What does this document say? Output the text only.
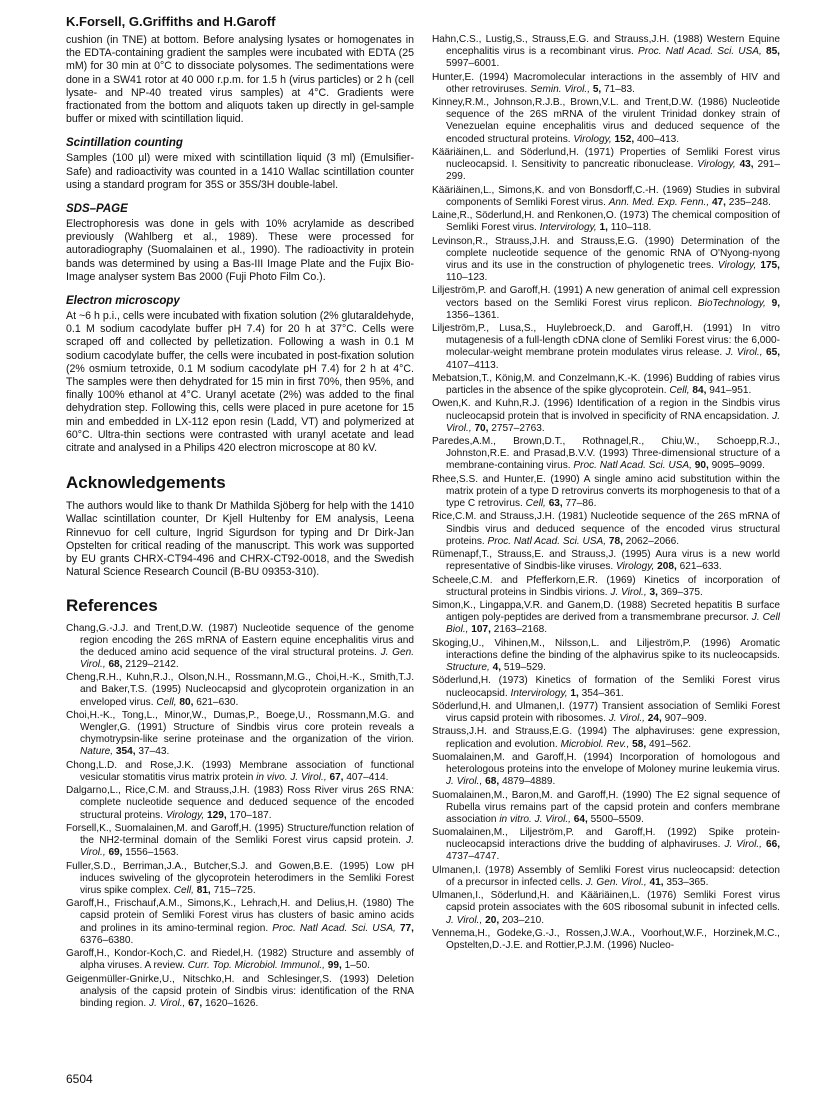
K.Forsell, G.Griffiths and H.Garoff

cushion (in TNE) at bottom. Before analysing lysates or homogenates in the EDTA-containing gradient the samples were incubated with EDTA (25 mM) for 30 min at 0°C to dissociate polysomes. The sedimentations were done in a SW41 rotor at 40 000 r.p.m. for 1.5 h (virus particles) or 2 h (cell lysate- and NP-40 treated virus samples) at 4°C. Gradients were fractionated from the bottom and aliquots taken up directly in gel-sample buffer or mixed with scintillation liquid.

Scintillation counting

Samples (100 µl) were mixed with scintillation liquid (3 ml) (Emulsifier-Safe) and radioactivity was counted in a 1410 Wallac scintillation counter using a standard program for 35S or 35S/3H double-label.

SDS–PAGE

Electrophoresis was done in gels with 10% acrylamide as described previously (Wahlberg et al., 1989). These were processed for autoradiography (Suomalainen et al., 1990). The radioactivity in protein bands was determined by using a Bas-III Image Plate and the Fujix Bio-Image analyser system Bas 2000 (Fuji Photo Film Co.).

Electron microscopy

At ~6 h p.i., cells were incubated with fixation solution (2% glutaraldehyde, 0.1 M sodium cacodylate buffer pH 7.4) for 20 h at 37°C. Cells were scraped off and collected by pelletization. Following a wash in 0.1 M sodium cacodylate buffer, the cells were incubated in post-fixation solution (2% osmium tetroxide, 0.1 M sodium cacodylate pH 7.4) for 2 h at 4°C. The samples were then dehydrated for 15 min in first 70%, then 95%, and finally 100% ethanol at 4°C. Uranyl acetate (2%) was added to the final dehydration step. Following this, cells were placed in pure acetone for 15 min and embedded in LX-112 epon resin (Ladd, VT) and polymerized at 60°C. Ultra-thin sections were contrasted with uranyl acetate and lead citrate and analysed in a Philips 420 electron microscope at 80 kV.

Acknowledgements

The authors would like to thank Dr Mathilda Sjöberg for help with the 1410 Wallac scintillation counter, Dr Kjell Hultenby for EM analysis, Leena Rinnevuo for cell culture, Ingrid Sigurdson for typing and Dr Dirk-Jan Opstelten for critical reading of the manuscript. This work was supported by EU grants CHRX-CT94-496 and CHRX-CT92-0018, and the Swedish Natural Science Research Council (B-BU 09353-310).

References

Chang,G.-J.J. and Trent,D.W. (1987) Nucleotide sequence of the genome region encoding the 26S mRNA of Eastern equine encephalitis virus and the deduced amino acid sequence of the viral structural proteins. J. Gen. Virol., 68, 2129–2142.

Cheng,R.H., Kuhn,R.J., Olson,N.H., Rossmann,M.G., Choi,H.-K., Smith,T.J. and Baker,T.S. (1995) Nucleocapsid and glycoprotein organization in an enveloped virus. Cell, 80, 621–630.

Choi,H.-K., Tong,L., Minor,W., Dumas,P., Boege,U., Rossmann,M.G. and Wengler,G. (1991) Structure of Sindbis virus core protein reveals a chymotrypsin-like serine proteinase and the organization of the virion. Nature, 354, 37–43.

Chong,L.D. and Rose,J.K. (1993) Membrane association of functional vesicular stomatitis virus matrix protein in vivo. J. Virol., 67, 407–414.

Dalgarno,L., Rice,C.M. and Strauss,J.H. (1983) Ross River virus 26S RNA: complete nucleotide sequence and deduced sequence of the encoded structural proteins. Virology, 129, 170–187.

Forsell,K., Suomalainen,M. and Garoff,H. (1995) Structure/function relation of the NH2-terminal domain of the Semliki Forest virus capsid protein. J. Virol., 69, 1556–1563.

Fuller,S.D., Berriman,J.A., Butcher,S.J. and Gowen,B.E. (1995) Low pH induces swiveling of the glycoprotein heterodimers in the Semliki Forest virus spike complex. Cell, 81, 715–725.

Garoff,H., Frischauf,A.M., Simons,K., Lehrach,H. and Delius,H. (1980) The capsid protein of Semliki Forest virus has clusters of basic amino acids and prolines in its amino-terminal region. Proc. Natl Acad. Sci. USA, 77, 6376–6380.

Garoff,H., Kondor-Koch,C. and Riedel,H. (1982) Structure and assembly of alpha viruses. A review. Curr. Top. Microbiol. Immunol., 99, 1–50.

Geigenmüller-Gnirke,U., Nitschko,H. and Schlesinger,S. (1993) Deletion analysis of the capsid protein of Sindbis virus: identification of the RNA binding region. J. Virol., 67, 1620–1626.

Hahn,C.S., Lustig,S., Strauss,E.G. and Strauss,J.H. (1988) Western Equine encephalitis virus is a recombinant virus. Proc. Natl Acad. Sci. USA, 85, 5997–6001.

Hunter,E. (1994) Macromolecular interactions in the assembly of HIV and other retroviruses. Semin. Virol., 5, 71–83.

Kinney,R.M., Johnson,R.J.B., Brown,V.L. and Trent,D.W. (1986) Nucleotide sequence of the 26S mRNA of the virulent Trinidad donkey strain of Venezuelan equine encephalitis virus and deduced sequence of the encoded structural proteins. Virology, 152, 400–413.

Kääriäinen,L. and Söderlund,H. (1971) Properties of Semliki Forest virus nucleocapsid. I. Sensitivity to pancreatic ribonuclease. Virology, 43, 291–299.

Kääriäinen,L., Simons,K. and von Bonsdorff,C.-H. (1969) Studies in subviral components of Semliki Forest virus. Ann. Med. Exp. Fenn., 47, 235–248.

Laine,R., Söderlund,H. and Renkonen,O. (1973) The chemical composition of Semliki Forest virus. Intervirology, 1, 110–118.

Levinson,R., Strauss,J.H. and Strauss,E.G. (1990) Determination of the complete nucleotide sequence of the genomic RNA of O'Nyong-nyong virus and its use in the construction of phylogenetic trees. Virology, 175, 110–123.

Liljeström,P. and Garoff,H. (1991) A new generation of animal cell expression vectors based on the Semliki Forest virus replicon. BioTechnology, 9, 1356–1361.

Liljeström,P., Lusa,S., Huylebroeck,D. and Garoff,H. (1991) In vitro mutagenesis of a full-length cDNA clone of Semliki Forest virus: the 6,000-molecular-weight membrane protein modulates virus release. J. Virol., 65, 4107–4113.

Mebatsion,T., König,M. and Conzelmann,K.-K. (1996) Budding of rabies virus particles in the absence of the spike glycoprotein. Cell, 84, 941–951.

Owen,K. and Kuhn,R.J. (1996) Identification of a region in the Sindbis virus nucleocapsid protein that is involved in specificity of RNA encapsidation. J. Virol., 70, 2757–2763.

Paredes,A.M., Brown,D.T., Rothnagel,R., Chiu,W., Schoepp,R.J., Johnston,R.E. and Prasad,B.V.V. (1993) Three-dimensional structure of a membrane-containing virus. Proc. Natl Acad. Sci. USA, 90, 9095–9099.

Rhee,S.S. and Hunter,E. (1990) A single amino acid substitution within the matrix protein of a type D retrovirus converts its morphogenesis to that of a type C retrovirus. Cell, 63, 77–86.

Rice,C.M. and Strauss,J.H. (1981) Nucleotide sequence of the 26S mRNA of Sindbis virus and deduced sequence of the encoded virus structural proteins. Proc. Natl Acad. Sci. USA, 78, 2062–2066.

Rümenapf,T., Strauss,E. and Strauss,J. (1995) Aura virus is a new world representative of Sindbis-like viruses. Virology, 208, 621–633.

Scheele,C.M. and Pfefferkorn,E.R. (1969) Kinetics of incorporation of structural proteins in Sindbis virions. J. Virol., 3, 369–375.

Simon,K., Lingappa,V.R. and Ganem,D. (1988) Secreted hepatitis B surface antigen poly-peptides are derived from a transmembrane precursor. J. Cell Biol., 107, 2163–2168.

Skoging,U., Vihinen,M., Nilsson,L. and Liljeström,P. (1996) Aromatic interactions define the binding of the alphavirus spike to its nucleocapsids. Structure, 4, 519–529.

Söderlund,H. (1973) Kinetics of formation of the Semliki Forest virus nucleocapsid. Intervirology, 1, 354–361.

Söderlund,H. and Ulmanen,I. (1977) Transient association of Semliki Forest virus capsid protein with ribosomes. J. Virol., 24, 907–909.

Strauss,J.H. and Strauss,E.G. (1994) The alphaviruses: gene expression, replication and evolution. Microbiol. Rev., 58, 491–562.

Suomalainen,M. and Garoff,H. (1994) Incorporation of homologous and heterologous proteins into the envelope of Moloney murine leukemia virus. J. Virol., 68, 4879–4889.

Suomalainen,M., Baron,M. and Garoff,H. (1990) The E2 signal sequence of Rubella virus remains part of the capsid protein and confers membrane association in vitro. J. Virol., 64, 5500–5509.

Suomalainen,M., Liljeström,P. and Garoff,H. (1992) Spike protein-nucleocapsid interactions drive the budding of alphaviruses. J. Virol., 66, 4737–4747.

Ulmanen,I. (1978) Assembly of Semliki Forest virus nucleocapsid: detection of a precursor in infected cells. J. Gen. Virol., 41, 353–365.

Ulmanen,I., Söderlund,H. and Kääriäinen,L. (1976) Semliki Forest virus capsid protein associates with the 60S ribosomal subunit in infected cells. J. Virol., 20, 203–210.

Vennema,H., Godeke,G.-J., Rossen,J.W.A., Voorhout,W.F., Horzinek,M.C., Opstelten,D.-J.E. and Rottier,P.J.M. (1996) Nucleo-

6504
